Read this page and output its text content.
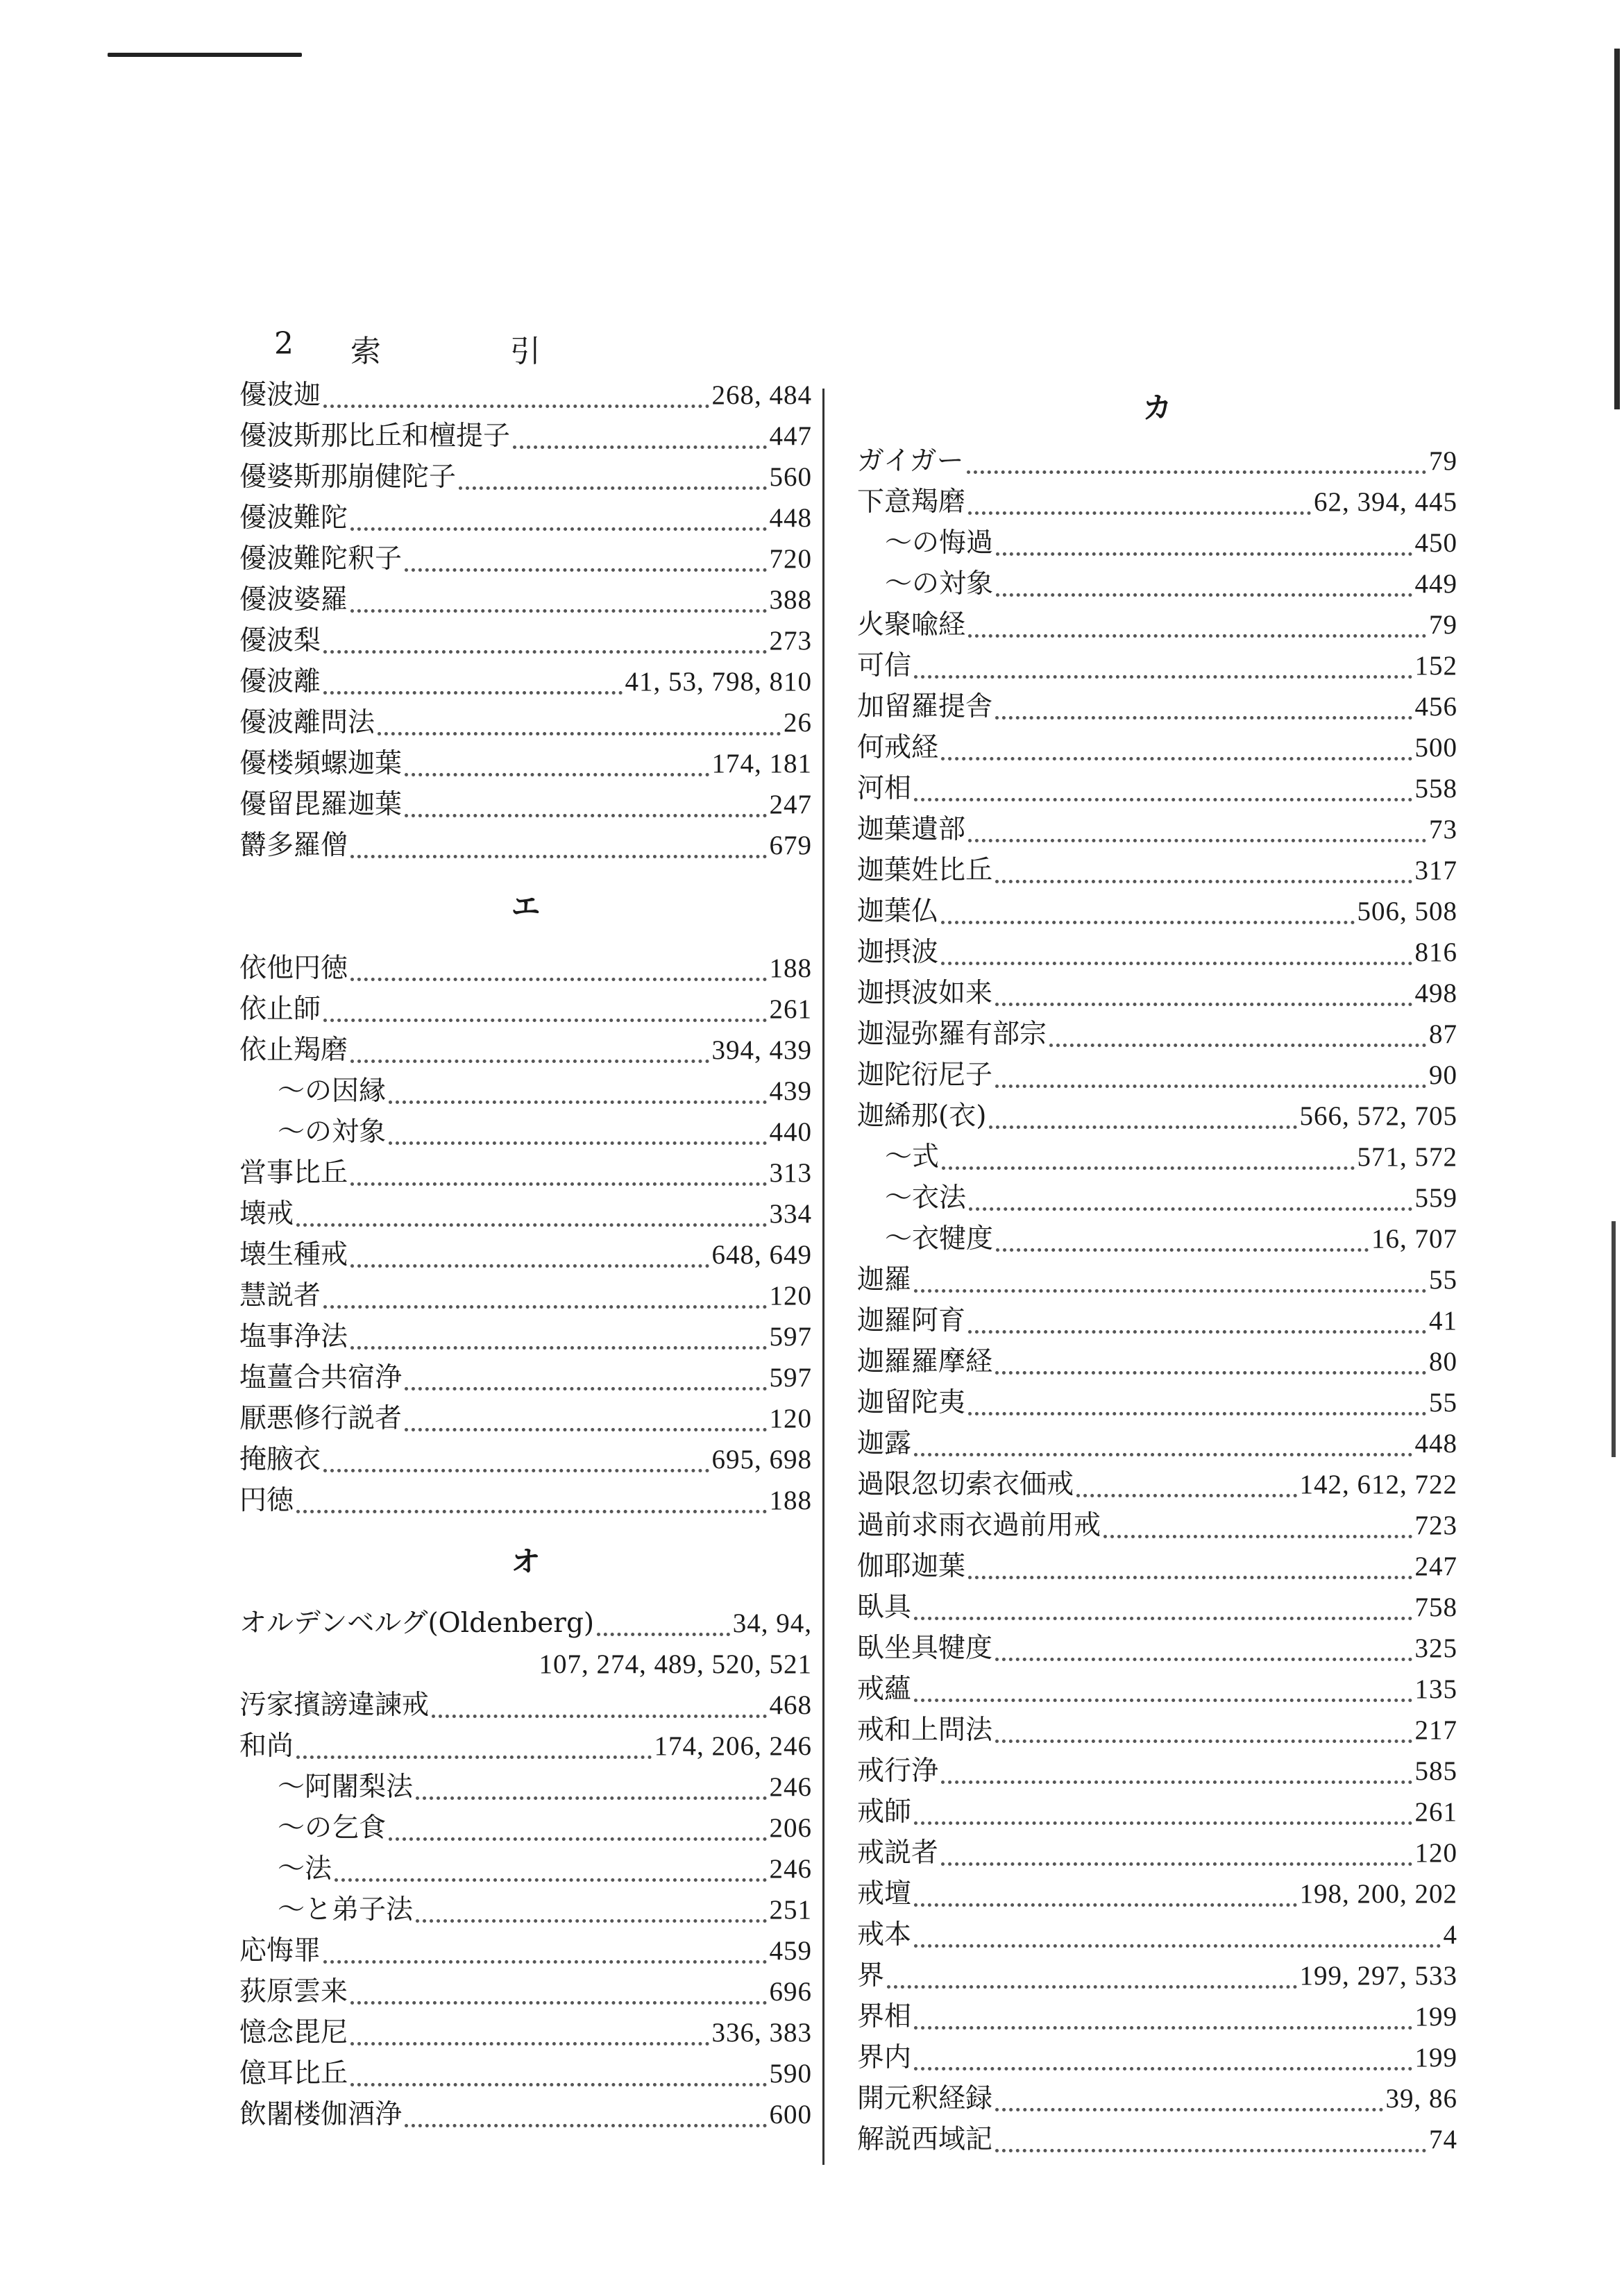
2	索	引
優波迦	268, 484
優波斯那比丘和檀提子	447
優婆斯那崩健陀子	560
優波難陀	448
優波難陀釈子	720
優波婆羅	388
優波梨	273
優波離	41, 53, 798, 810
優波離問法	26
優楼頻螺迦葉	174, 181
優留毘羅迦葉	247
欝多羅僧	679
エ
依他円徳	188
依止師	261
依止羯磨	394, 439
～の因縁	439
～の対象	440
営事比丘	313
壊戒	334
壊生種戒	648, 649
慧説者	120
塩事浄法	597
塩薑合共宿浄	597
厭悪修行説者	120
掩腋衣	695, 698
円徳	188
オ
オルデンベルグ(Oldenberg)	34, 94,
107, 274, 489, 520, 521
汚家擯謗違諫戒	468
和尚	174, 206, 246
～阿闍梨法	246
～の乞食	206
～法	246
～と弟子法	251
応悔罪	459
荻原雲来	696
憶念毘尼	336, 383
億耳比丘	590
飲闍楼伽酒浄	600
カ
ガイガー	79
下意羯磨	62, 394, 445
～の悔過	450
～の対象	449
火聚喩経	79
可信	152
加留羅提舎	456
何戒経	500
河相	558
迦葉遺部	73
迦葉姓比丘	317
迦葉仏	506, 508
迦摂波	816
迦摂波如来	498
迦湿弥羅有部宗	87
迦陀衍尼子	90
迦絺那(衣)	566, 572, 705
～式	571, 572
～衣法	559
～衣犍度	16, 707
迦羅	55
迦羅阿育	41
迦羅羅摩経	80
迦留陀夷	55
迦露	448
過限忽切索衣価戒	142, 612, 722
過前求雨衣過前用戒	723
伽耶迦葉	247
臥具	758
臥坐具犍度	325
戒蘊	135
戒和上問法	217
戒行浄	585
戒師	261
戒説者	120
戒壇	198, 200, 202
戒本	4
界	199, 297, 533
界相	199
界内	199
開元釈経録	39, 86
解説西域記	74
